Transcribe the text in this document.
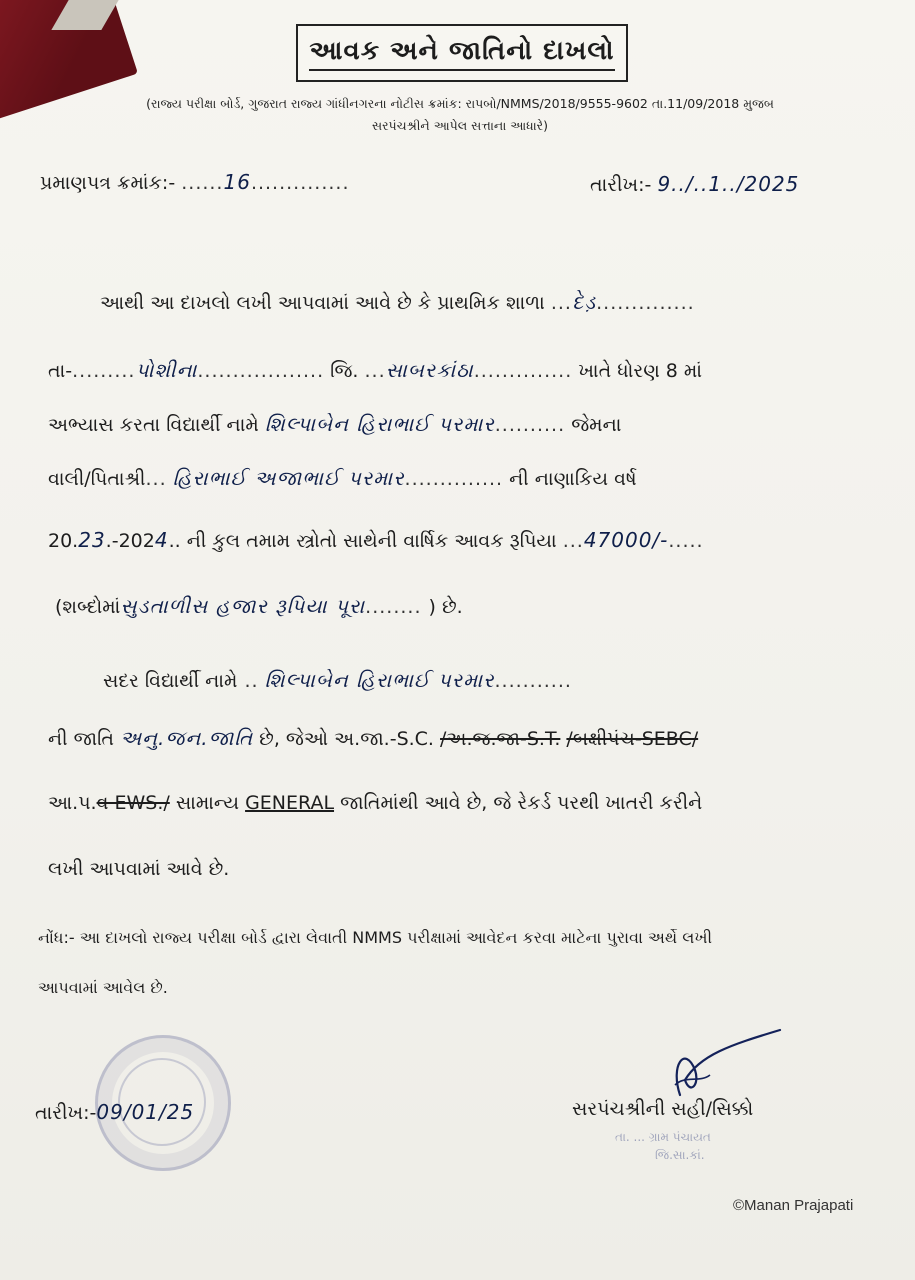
આવક અને જાતિનો દાખલો
(રાજ્ય પરીક્ષા બોર્ડ, ગુજરાત રાજ્ય ગાંધીનગરના નોટીસ ક્રમાંક: રાપબો/NMMS/2018/9555-9602 તા.11/09/2018 મુજબ
સરપંચશ્રીને આપેલ સત્તાના આધારે)
પ્રમાણપત્ર ક્રમાંક:- ......16..............	તારીખ:- 9../..1../2025
આથી આ દાખલો લખી આપવામાં આવે છે કે પ્રાથમિક શાળા ...દેડ઼..............
તા-.........પોશીના.................. જિ. ...સાબરકાંઠા.............. ખાતે ધોરણ 8 માં
અભ્યાસ કરતા વિદ્યાર્થી નામે શિલ્પાબેન હિરાભાઈ પરમાર.......... જેમના
વાલી/પિતાશ્રી... હિરાભાઈ અજાભાઈ પરમાર.............. ની નાણાકિય વર્ષ
20.23.-2024.. ની કુલ તમામ સ્ત્રોતો સાથેની વાર્ષિક આવક રૂપિયા ...47000/-.....
(શબ્દોમાંસુડતાળીસ હજાર રૂપિયા પૂરા........ ) છે.
સદર વિદ્યાર્થી નામે .. શિલ્પાબેન હિરાભાઈ પરમાર...........
ની જાતિ અનુ.જન.જાતિ છે, જેઓ અ.જા.-S.C. /અ.જ.જા-S.T. /બક્ષીપંચ-SEBC/
આ.પ.વ EWS./ સામાન્ય GENERAL જાતિમાંથી આવે છે, જે રેકર્ડ પરથી ખાતરી કરીને
લખી આપવામાં આવે છે.
નોંધ:- આ દાખલો રાજ્ય પરીક્ષા બોર્ડ દ્વારા લેવાતી NMMS પરીક્ષામાં આવેદન કરવા માટેના પુરાવા અર્થે લખી
આપવામાં આવેલ છે.
તારીખ:-09/01/25	સરપંચશ્રીની સહી/સિક્કો
તા. ... ગ્રામ પંચાયત
જિ.સા.કાં.
©Manan Prajapati
